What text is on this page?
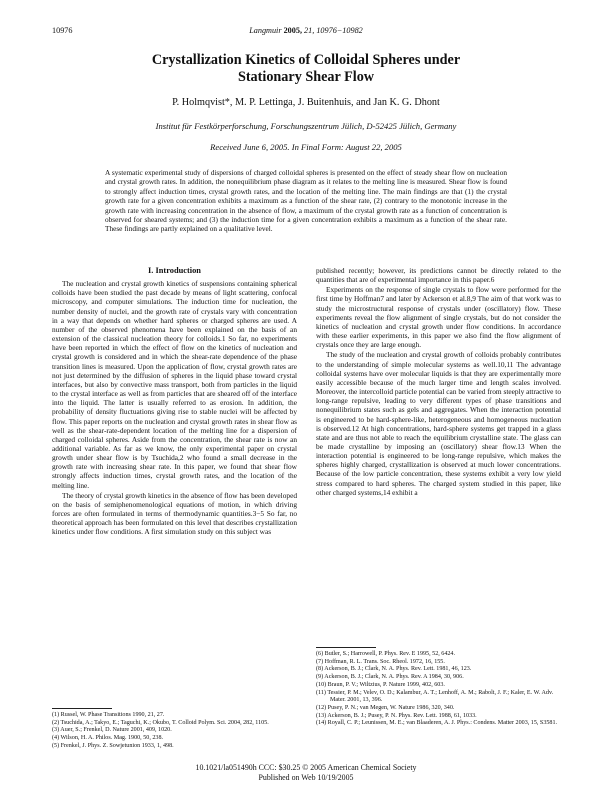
10976	Langmuir 2005, 21, 10976−10982
Crystallization Kinetics of Colloidal Spheres under
Stationary Shear Flow
P. Holmqvist*, M. P. Lettinga, J. Buitenhuis, and Jan K. G. Dhont
Institut für Festkörperforschung, Forschungszentrum Jülich, D-52425 Jülich, Germany
Received June 6, 2005. In Final Form: August 22, 2005
A systematic experimental study of dispersions of charged colloidal spheres is presented on the effect of steady shear flow on nucleation and crystal growth rates. In addition, the nonequilibrium phase diagram as it relates to the melting line is measured. Shear flow is found to strongly affect induction times, crystal growth rates, and the location of the melting line. The main findings are that (1) the crystal growth rate for a given concentration exhibits a maximum as a function of the shear rate, (2) contrary to the monotonic increase in the growth rate with increasing concentration in the absence of flow, a maximum of the crystal growth rate as a function of concentration is observed for sheared systems; and (3) the induction time for a given concentration exhibits a maximum as a function of the shear rate. These findings are partly explained on a qualitative level.
I. Introduction

The nucleation and crystal growth kinetics of suspensions containing spherical colloids have been studied the past decade by means of light scattering, confocal microscopy, and computer simulations. The induction time for nucleation, the number density of nuclei, and the growth rate of crystals vary with concentration in a way that depends on whether hard spheres or charged spheres are used. A number of the observed phenomena have been explained on the basis of an extension of the classical nucleation theory for colloids.1 So far, no experiments have been reported in which the effect of flow on the kinetics of nucleation and crystal growth is considered and in which the shear-rate dependence of the phase transition lines is measured. Upon the application of flow, crystal growth rates are not just determined by the diffusion of spheres in the liquid phase toward crystal interfaces, but also by convective mass transport, both from particles in the liquid to the crystal interface as well as from particles that are sheared off of the interface into the liquid. The latter is usually referred to as erosion. In addition, the probability of density fluctuations giving rise to stable nuclei will be affected by flow. This paper reports on the nucleation and crystal growth rates in shear flow as well as the shear-rate-dependent location of the melting line for a dispersion of charged colloidal spheres. Aside from the concentration, the shear rate is now an additional variable. As far as we know, the only experimental paper on crystal growth under shear flow is by Tsuchida,2 who found a small decrease in the growth rate with increasing shear rate. In this paper, we found that shear flow strongly affects induction times, crystal growth rates, and the location of the melting line.

The theory of crystal growth kinetics in the absence of flow has been developed on the basis of semiphenomenological equations of motion, in which driving forces are often formulated in terms of thermodynamic quantities.3−5 So far, no theoretical approach has been formulated on this level that describes crystallization kinetics under flow conditions. A first simulation study on this subject was

published recently; however, its predictions cannot be directly related to the quantities that are of experimental importance in this paper.6

Experiments on the response of single crystals to flow were performed for the first time by Hoffman7 and later by Ackerson et al.8,9 The aim of that work was to study the microstructural response of crystals under (oscillatory) flow. These experiments reveal the flow alignment of single crystals, but do not consider the kinetics of nucleation and crystal growth under flow conditions. In accordance with these earlier experiments, in this paper we also find the flow alignment of crystals once they are large enough.

The study of the nucleation and crystal growth of colloids probably contributes to the understanding of simple molecular systems as well.10,11 The advantage colloidal systems have over molecular liquids is that they are experimentally more easily accessible because of the much larger time and length scales involved. Moreover, the intercolloid particle potential can be varied from steeply attractive to long-range repulsive, leading to very different types of phase transitions and nonequilibrium states such as gels and aggregates. When the interaction potential is engineered to be hard-sphere-like, heterogeneous and homogeneous nucleation is observed.12 At high concentrations, hard-sphere systems get trapped in a glass state and are thus not able to reach the equilibrium crystalline state. The glass can be made crystalline by imposing an (oscillatory) shear flow.13 When the interaction potential is engineered to be long-range repulsive, which makes the spheres highly charged, crystallization is observed at much lower concentrations. Because of the low particle concentration, these systems exhibit a very low yield stress compared to hard spheres. The charged system studied in this paper, like other charged systems,14 exhibit a

(1) Russel, W. Phase Transitions 1990, 21, 27.
(2) Tsuchida, A.; Takyo, E.; Taguchi, K.; Okubo, T. Colloid Polym. Sci. 2004, 282, 1105.
(3) Auer, S.; Frenkel, D. Nature 2001, 409, 1020.
(4) Wilson, H. A. Philos. Mag. 1900, 50, 238.
(5) Frenkel, J. Phys. Z. Sowjetunion 1933, 1, 498.
(6) Butler, S.; Harrowell, P. Phys. Rev. E 1995, 52, 6424.
(7) Hoffman, R. L. Trans. Soc. Rheol. 1972, 16, 155.
(8) Ackerson, B. J.; Clark, N. A. Phys. Rev. Lett. 1981, 46, 123.
(9) Ackerson, B. J.; Clark, N. A. Phys. Rev. A 1984, 30, 906.
(10) Braun, P. V.; Wiltzius, P. Nature 1999, 402, 603.
(11) Tessier, P. M.; Velev, O. D.; Kalambur, A. T.; Lenhoff, A. M.; Rabolt, J. F.; Kaler, E. W. Adv. Mater. 2001, 13, 396.
(12) Pusey, P. N.; van Megen, W. Nature 1986, 320, 340.
(13) Ackerson, B. J.; Pusey, P. N. Phys. Rev. Lett. 1988, 61, 1033.
(14) Royall, C. P.; Leunissen, M. E.; van Blaaderen, A. J. Phys.: Condens. Matter 2003, 15, S3581.
10.1021/la051490h CCC: $30.25 © 2005 American Chemical Society
Published on Web 10/19/2005
